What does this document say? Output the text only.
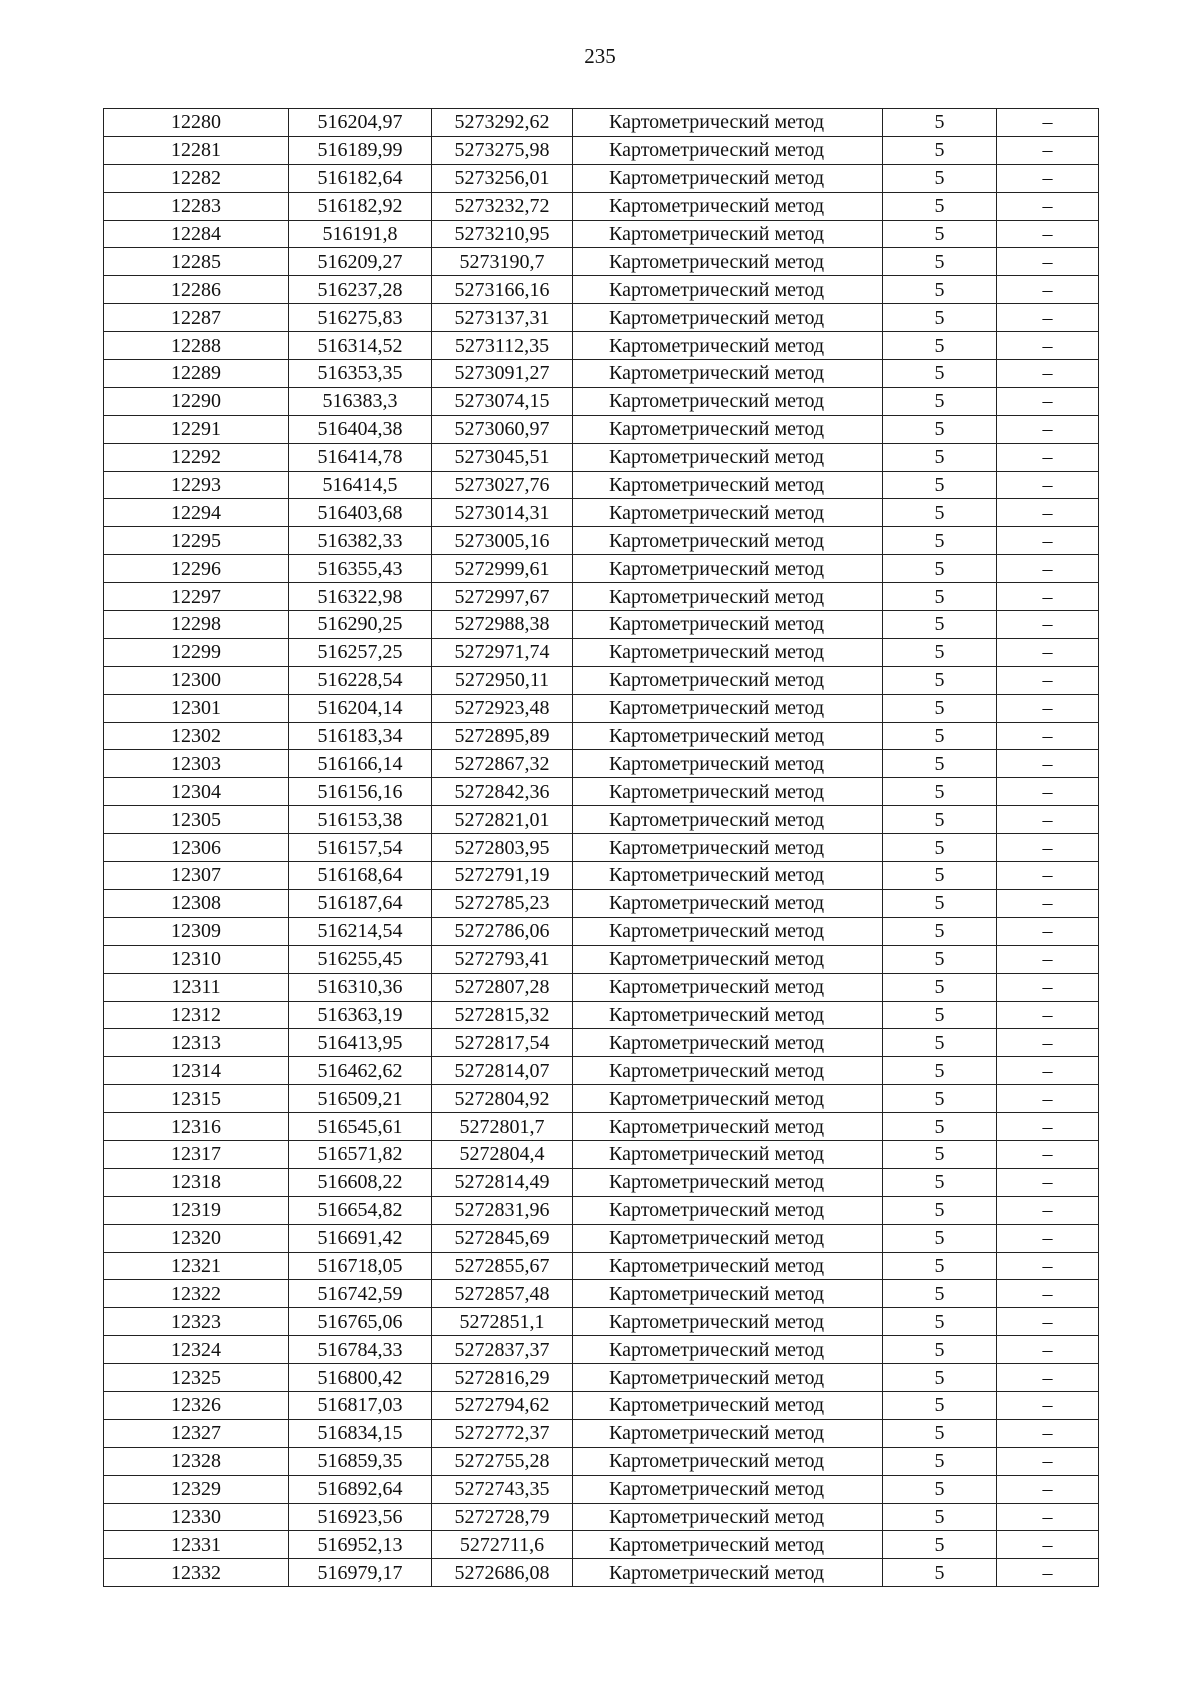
235
12280	516204,97	5273292,62	Картометрический метод	5	–
12281	516189,99	5273275,98	Картометрический метод	5	–
12282	516182,64	5273256,01	Картометрический метод	5	–
12283	516182,92	5273232,72	Картометрический метод	5	–
12284	516191,8	5273210,95	Картометрический метод	5	–
12285	516209,27	5273190,7	Картометрический метод	5	–
12286	516237,28	5273166,16	Картометрический метод	5	–
12287	516275,83	5273137,31	Картометрический метод	5	–
12288	516314,52	5273112,35	Картометрический метод	5	–
12289	516353,35	5273091,27	Картометрический метод	5	–
12290	516383,3	5273074,15	Картометрический метод	5	–
12291	516404,38	5273060,97	Картометрический метод	5	–
12292	516414,78	5273045,51	Картометрический метод	5	–
12293	516414,5	5273027,76	Картометрический метод	5	–
12294	516403,68	5273014,31	Картометрический метод	5	–
12295	516382,33	5273005,16	Картометрический метод	5	–
12296	516355,43	5272999,61	Картометрический метод	5	–
12297	516322,98	5272997,67	Картометрический метод	5	–
12298	516290,25	5272988,38	Картометрический метод	5	–
12299	516257,25	5272971,74	Картометрический метод	5	–
12300	516228,54	5272950,11	Картометрический метод	5	–
12301	516204,14	5272923,48	Картометрический метод	5	–
12302	516183,34	5272895,89	Картометрический метод	5	–
12303	516166,14	5272867,32	Картометрический метод	5	–
12304	516156,16	5272842,36	Картометрический метод	5	–
12305	516153,38	5272821,01	Картометрический метод	5	–
12306	516157,54	5272803,95	Картометрический метод	5	–
12307	516168,64	5272791,19	Картометрический метод	5	–
12308	516187,64	5272785,23	Картометрический метод	5	–
12309	516214,54	5272786,06	Картометрический метод	5	–
12310	516255,45	5272793,41	Картометрический метод	5	–
12311	516310,36	5272807,28	Картометрический метод	5	–
12312	516363,19	5272815,32	Картометрический метод	5	–
12313	516413,95	5272817,54	Картометрический метод	5	–
12314	516462,62	5272814,07	Картометрический метод	5	–
12315	516509,21	5272804,92	Картометрический метод	5	–
12316	516545,61	5272801,7	Картометрический метод	5	–
12317	516571,82	5272804,4	Картометрический метод	5	–
12318	516608,22	5272814,49	Картометрический метод	5	–
12319	516654,82	5272831,96	Картометрический метод	5	–
12320	516691,42	5272845,69	Картометрический метод	5	–
12321	516718,05	5272855,67	Картометрический метод	5	–
12322	516742,59	5272857,48	Картометрический метод	5	–
12323	516765,06	5272851,1	Картометрический метод	5	–
12324	516784,33	5272837,37	Картометрический метод	5	–
12325	516800,42	5272816,29	Картометрический метод	5	–
12326	516817,03	5272794,62	Картометрический метод	5	–
12327	516834,15	5272772,37	Картометрический метод	5	–
12328	516859,35	5272755,28	Картометрический метод	5	–
12329	516892,64	5272743,35	Картометрический метод	5	–
12330	516923,56	5272728,79	Картометрический метод	5	–
12331	516952,13	5272711,6	Картометрический метод	5	–
12332	516979,17	5272686,08	Картометрический метод	5	–
